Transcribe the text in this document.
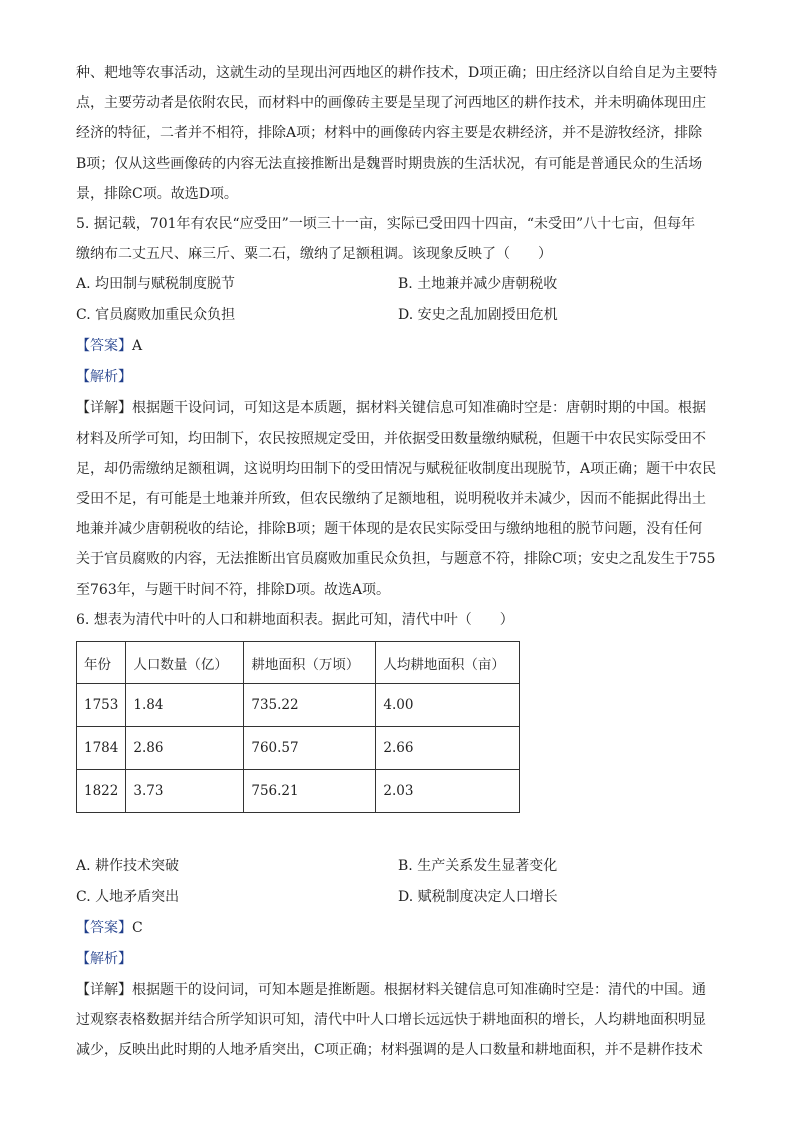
种、耙地等农事活动，这就生动的呈现出河西地区的耕作技术，D项正确；田庄经济以自给自足为主要特
点，主要劳动者是依附农民，而材料中的画像砖主要是呈现了河西地区的耕作技术，并未明确体现田庄
经济的特征，二者并不相符，排除A项；材料中的画像砖内容主要是农耕经济，并不是游牧经济，排除
B项；仅从这些画像砖的内容无法直接推断出是魏晋时期贵族的生活状况，有可能是普通民众的生活场
景，排除C项。故选D项。

5. 据记载，701年有农民“应受田”一顷三十一亩，实际已受田四十四亩，“未受田”八十七亩，但每年
缴纳布二丈五尺、麻三斤、粟二石，缴纳了足额租调。该现象反映了（　　）

A. 均田制与赋税制度脱节	B. 土地兼并减少唐朝税收
C. 官员腐败加重民众负担	D. 安史之乱加剧授田危机
【答案】A
【解析】

【详解】根据题干设问词，可知这是本质题，据材料关键信息可知准确时空是：唐朝时期的中国。根据
材料及所学可知，均田制下，农民按照规定受田，并依据受田数量缴纳赋税，但题干中农民实际受田不
足，却仍需缴纳足额租调，这说明均田制下的受田情况与赋税征收制度出现脱节，A项正确；题干中农民
受田不足，有可能是土地兼并所致，但农民缴纳了足额地租，说明税收并未减少，因而不能据此得出土
地兼并减少唐朝税收的结论，排除B项；题干体现的是农民实际受田与缴纳地租的脱节问题，没有任何
关于官员腐败的内容，无法推断出官员腐败加重民众负担，与题意不符，排除C项；安史之乱发生于755
至763年，与题干时间不符，排除D项。故选A项。

6. 想表为清代中叶的人口和耕地面积表。据此可知，清代中叶（　　）

年份	人口数量（亿）	耕地面积（万顷）	人均耕地面积（亩）
1753	1.84	735.22	4.00
1784	2.86	760.57	2.66
1822	3.73	756.21	2.03
A. 耕作技术突破	B. 生产关系发生显著变化
C. 人地矛盾突出	D. 赋税制度决定人口增长
【答案】C
【解析】

【详解】根据题干的设问词，可知本题是推断题。根据材料关键信息可知准确时空是：清代的中国。通
过观察表格数据并结合所学知识可知，清代中叶人口增长远远快于耕地面积的增长，人均耕地面积明显
减少，反映出此时期的人地矛盾突出，C项正确；材料强调的是人口数量和耕地面积，并不是耕作技术
